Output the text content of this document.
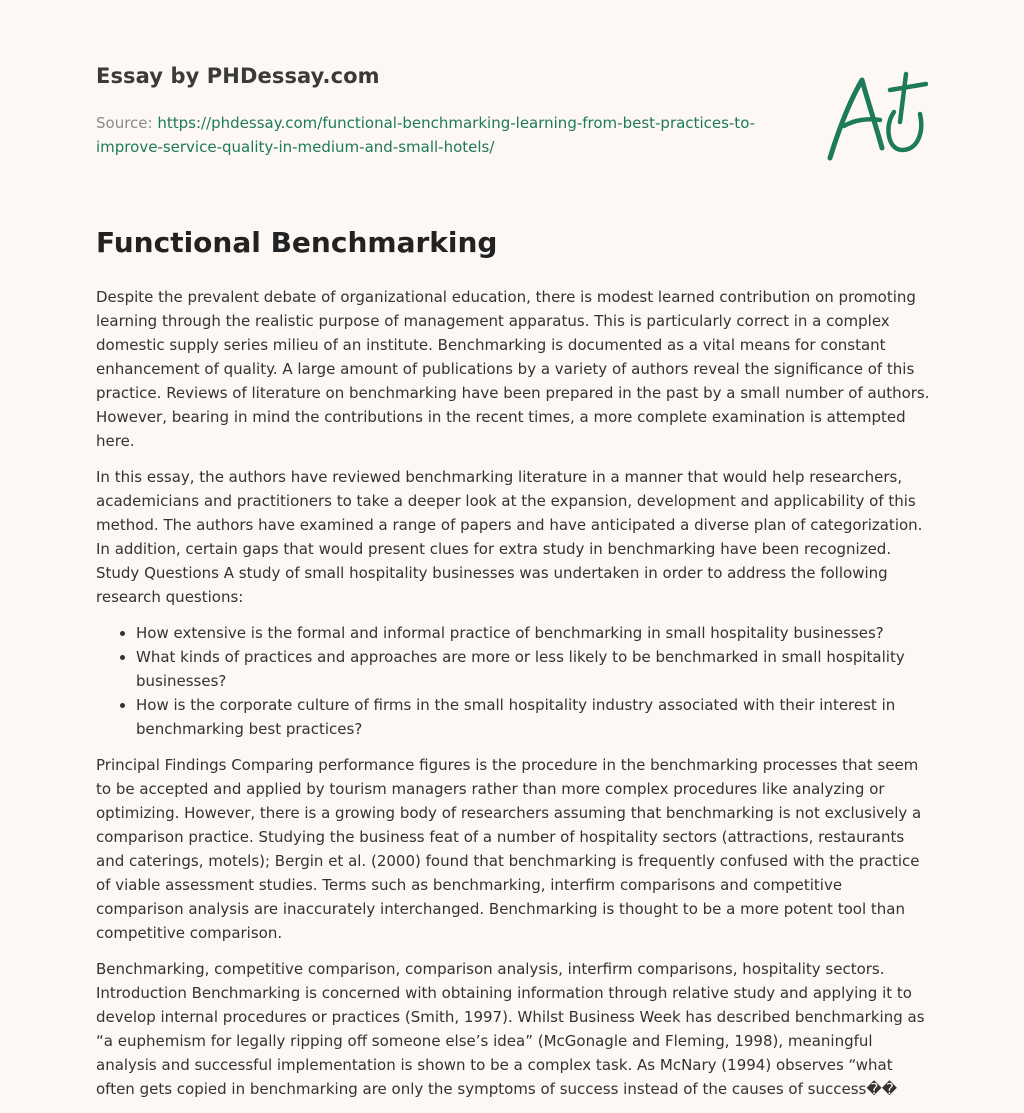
Essay by PHDessay.com
Source: https://phdessay.com/functional-benchmarking-learning-from-best-practices-to-improve-service-quality-in-medium-and-small-hotels/
Functional Benchmarking

Despite the prevalent debate of organizational education, there is modest learned contribution on promoting learning through the realistic purpose of management apparatus. This is particularly correct in a complex domestic supply series milieu of an institute. Benchmarking is documented as a vital means for constant enhancement of quality. A large amount of publications by a variety of authors reveal the significance of this practice. Reviews of literature on benchmarking have been prepared in the past by a small number of authors. However, bearing in mind the contributions in the recent times, a more complete examination is attempted here.

In this essay, the authors have reviewed benchmarking literature in a manner that would help researchers, academicians and practitioners to take a deeper look at the expansion, development and applicability of this method. The authors have examined a range of papers and have anticipated a diverse plan of categorization. In addition, certain gaps that would present clues for extra study in benchmarking have been recognized. Study Questions A study of small hospitality businesses was undertaken in order to address the following research questions:

• How extensive is the formal and informal practice of benchmarking in small hospitality businesses?
• What kinds of practices and approaches are more or less likely to be benchmarked in small hospitality businesses?
• How is the corporate culture of firms in the small hospitality industry associated with their interest in benchmarking best practices?

Principal Findings Comparing performance figures is the procedure in the benchmarking processes that seem to be accepted and applied by tourism managers rather than more complex procedures like analyzing or optimizing. However, there is a growing body of researchers assuming that benchmarking is not exclusively a comparison practice. Studying the business feat of a number of hospitality sectors (attractions, restaurants and caterings, motels); Bergin et al. (2000) found that benchmarking is frequently confused with the practice of viable assessment studies. Terms such as benchmarking, interfirm comparisons and competitive comparison analysis are inaccurately interchanged. Benchmarking is thought to be a more potent tool than competitive comparison.

Benchmarking, competitive comparison, comparison analysis, interfirm comparisons, hospitality sectors. Introduction Benchmarking is concerned with obtaining information through relative study and applying it to develop internal procedures or practices (Smith, 1997). Whilst Business Week has described benchmarking as “a euphemism for legally ripping off someone else’s idea” (McGonagle and Fleming, 1998), meaningful analysis and successful implementation is shown to be a complex task. As McNary (1994) observes “what often gets copied in benchmarking are only the symptoms of success instead of the causes of success��
